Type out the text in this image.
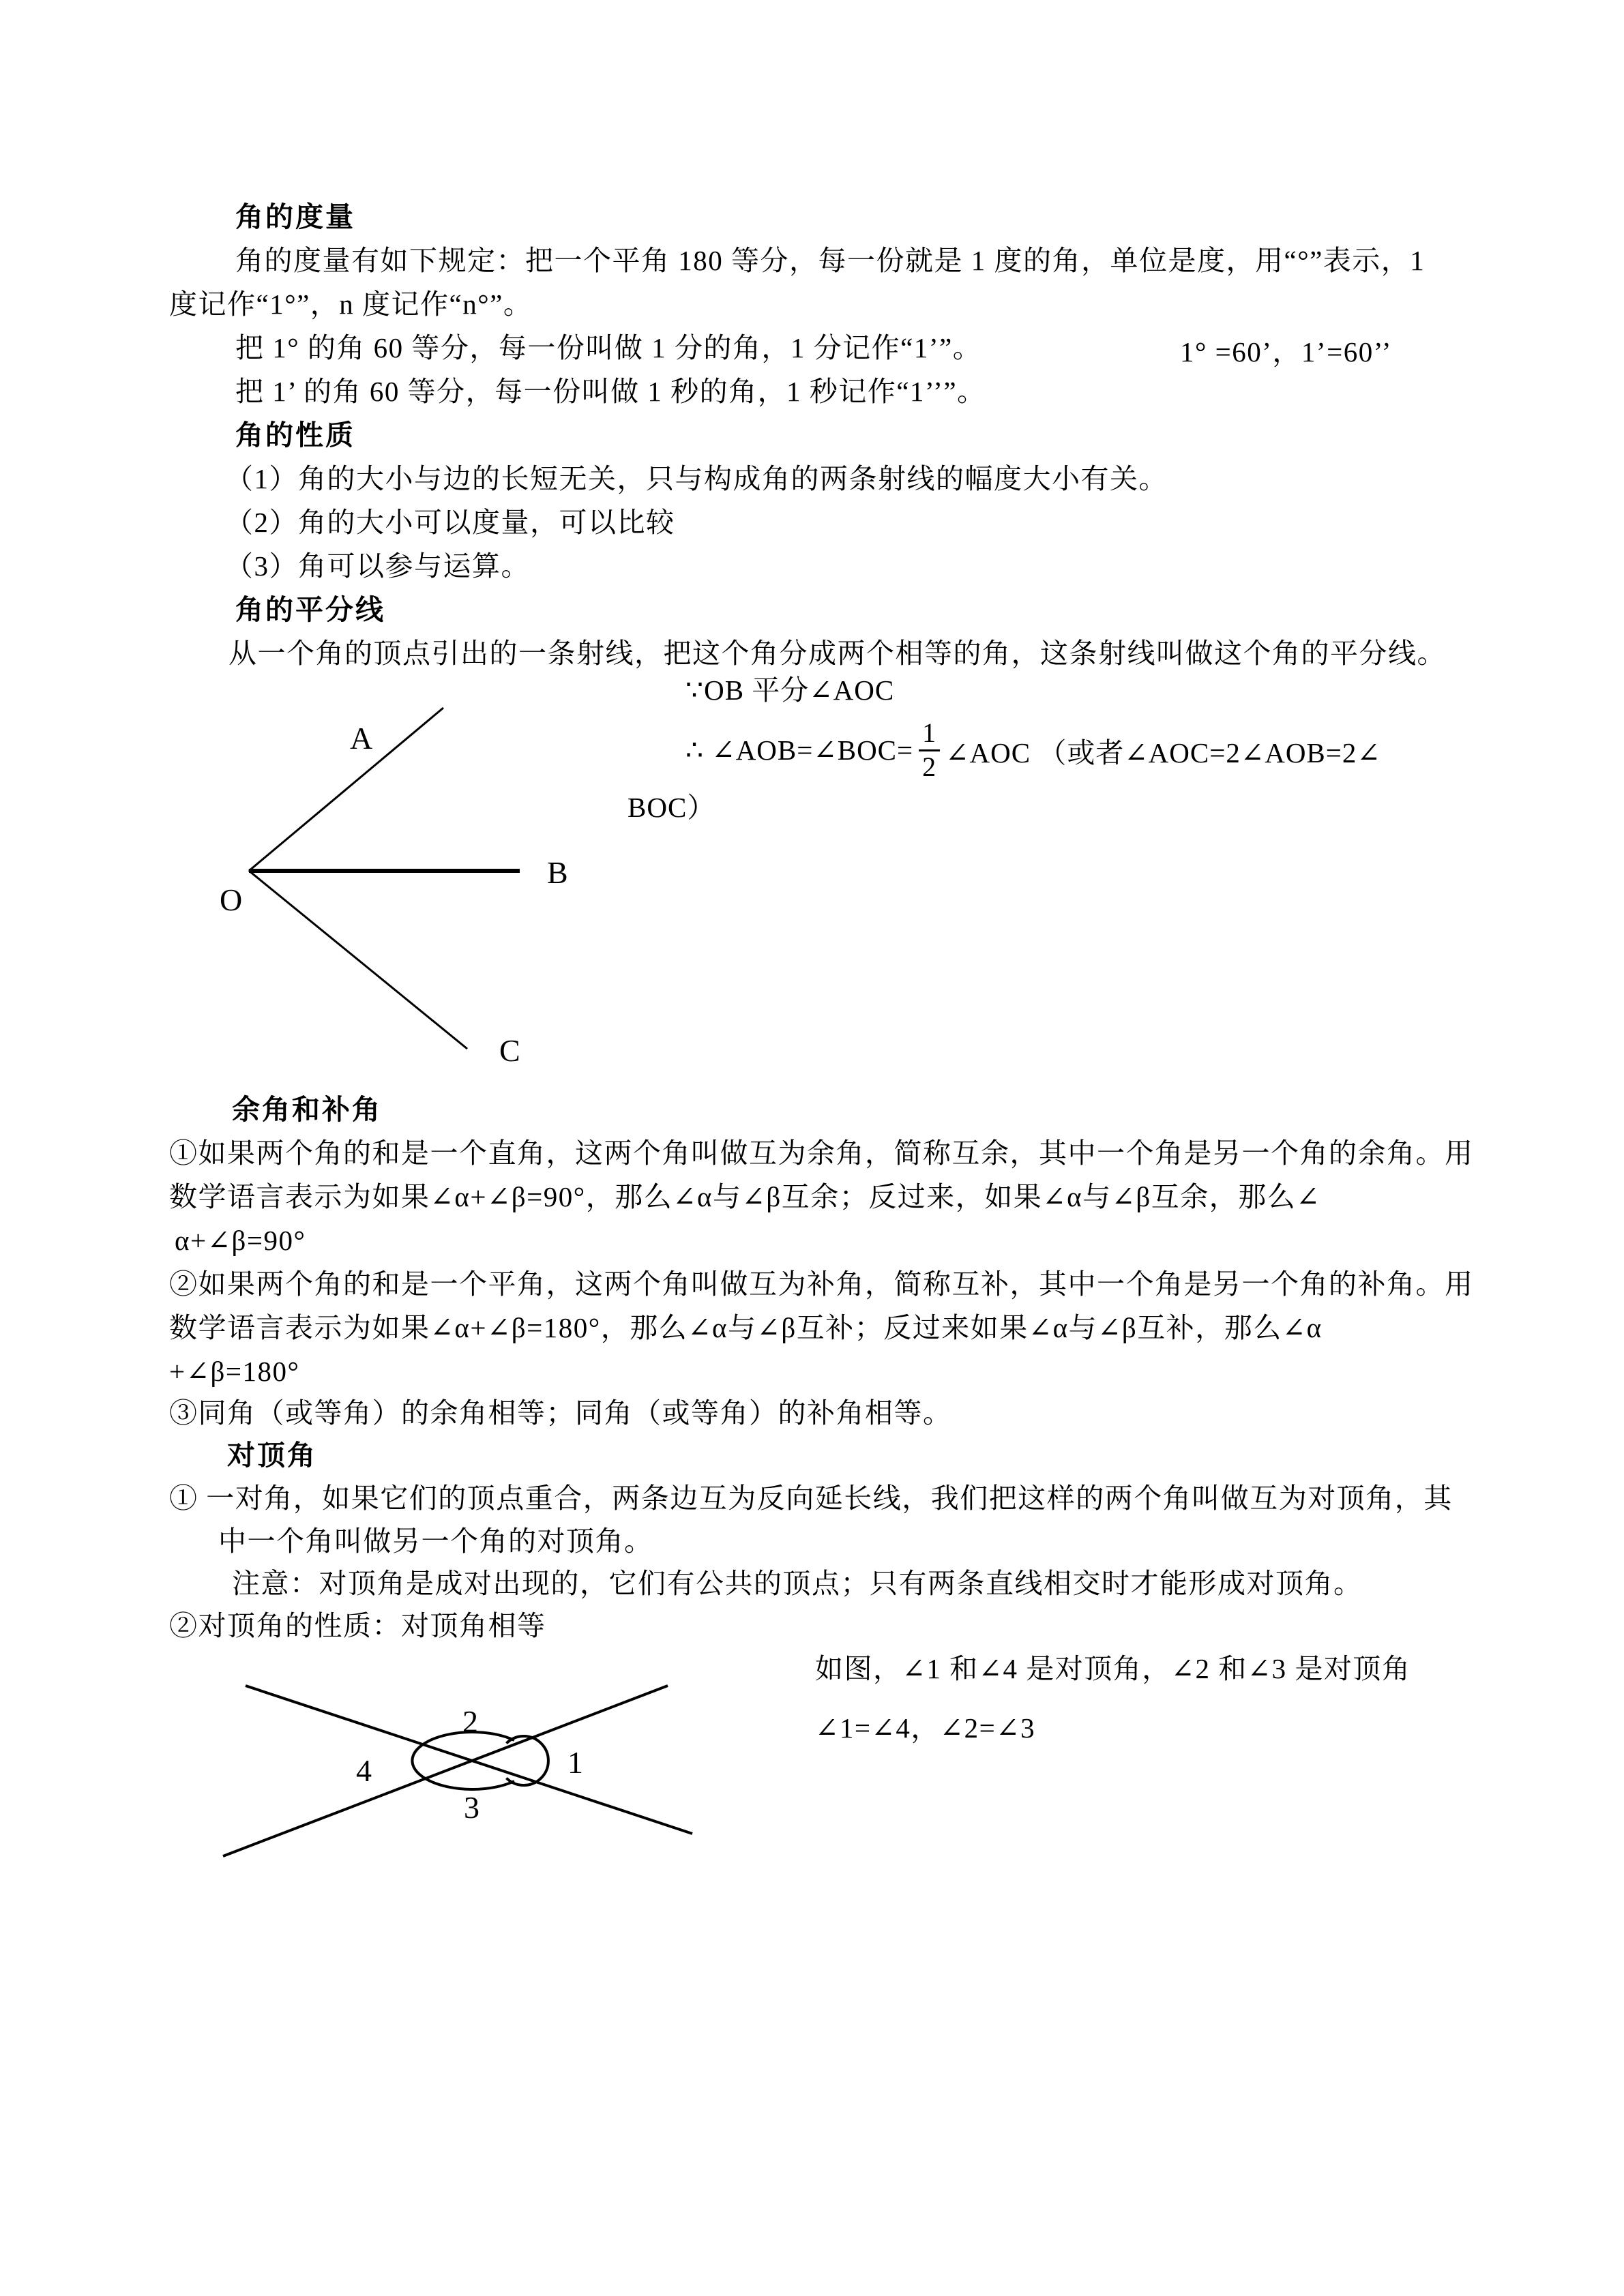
角的度量
角的度量有如下规定：把一个平角 180 等分，每一份就是 1 度的角，单位是度，用“°”表示，1
度记作“1°”，n 度记作“n°”。
把 1° 的角 60 等分，每一份叫做 1 分的角，1 分记作“1’”。	1° =60’，1’=60’’
把 1’ 的角 60 等分，每一份叫做 1 秒的角，1 秒记作“1’’”。
角的性质
（1）角的大小与边的长短无关，只与构成角的两条射线的幅度大小有关。
（2）角的大小可以度量，可以比较
（3）角可以参与运算。
角的平分线
从一个角的顶点引出的一条射线，把这个角分成两个相等的角，这条射线叫做这个角的平分线。
∵OB 平分∠AOC
∴ ∠AOB=∠BOC= $\frac{1}{2}$ ∠AOC （或者∠AOC=2∠AOB=2∠
BOC）
A
O
B
C
余角和补角
①如果两个角的和是一个直角，这两个角叫做互为余角，简称互余，其中一个角是另一个角的余角。用
数学语言表示为如果∠α+∠β=90°，那么∠α与∠β互余；反过来，如果∠α与∠β互余，那么∠
α+∠β=90°
②如果两个角的和是一个平角，这两个角叫做互为补角，简称互补，其中一个角是另一个角的补角。用
数学语言表示为如果∠α+∠β=180°，那么∠α与∠β互补；反过来如果∠α与∠β互补，那么∠α
+∠β=180°
③同角（或等角）的余角相等；同角（或等角）的补角相等。
对顶角
① 一对角，如果它们的顶点重合，两条边互为反向延长线，我们把这样的两个角叫做互为对顶角，其
中一个角叫做另一个角的对顶角。
注意：对顶角是成对出现的，它们有公共的顶点；只有两条直线相交时才能形成对顶角。
②对顶角的性质：对顶角相等
如图，∠1 和∠4 是对顶角，∠2 和∠3 是对顶角
∠1=∠4，∠2=∠3
2
4	1
3
